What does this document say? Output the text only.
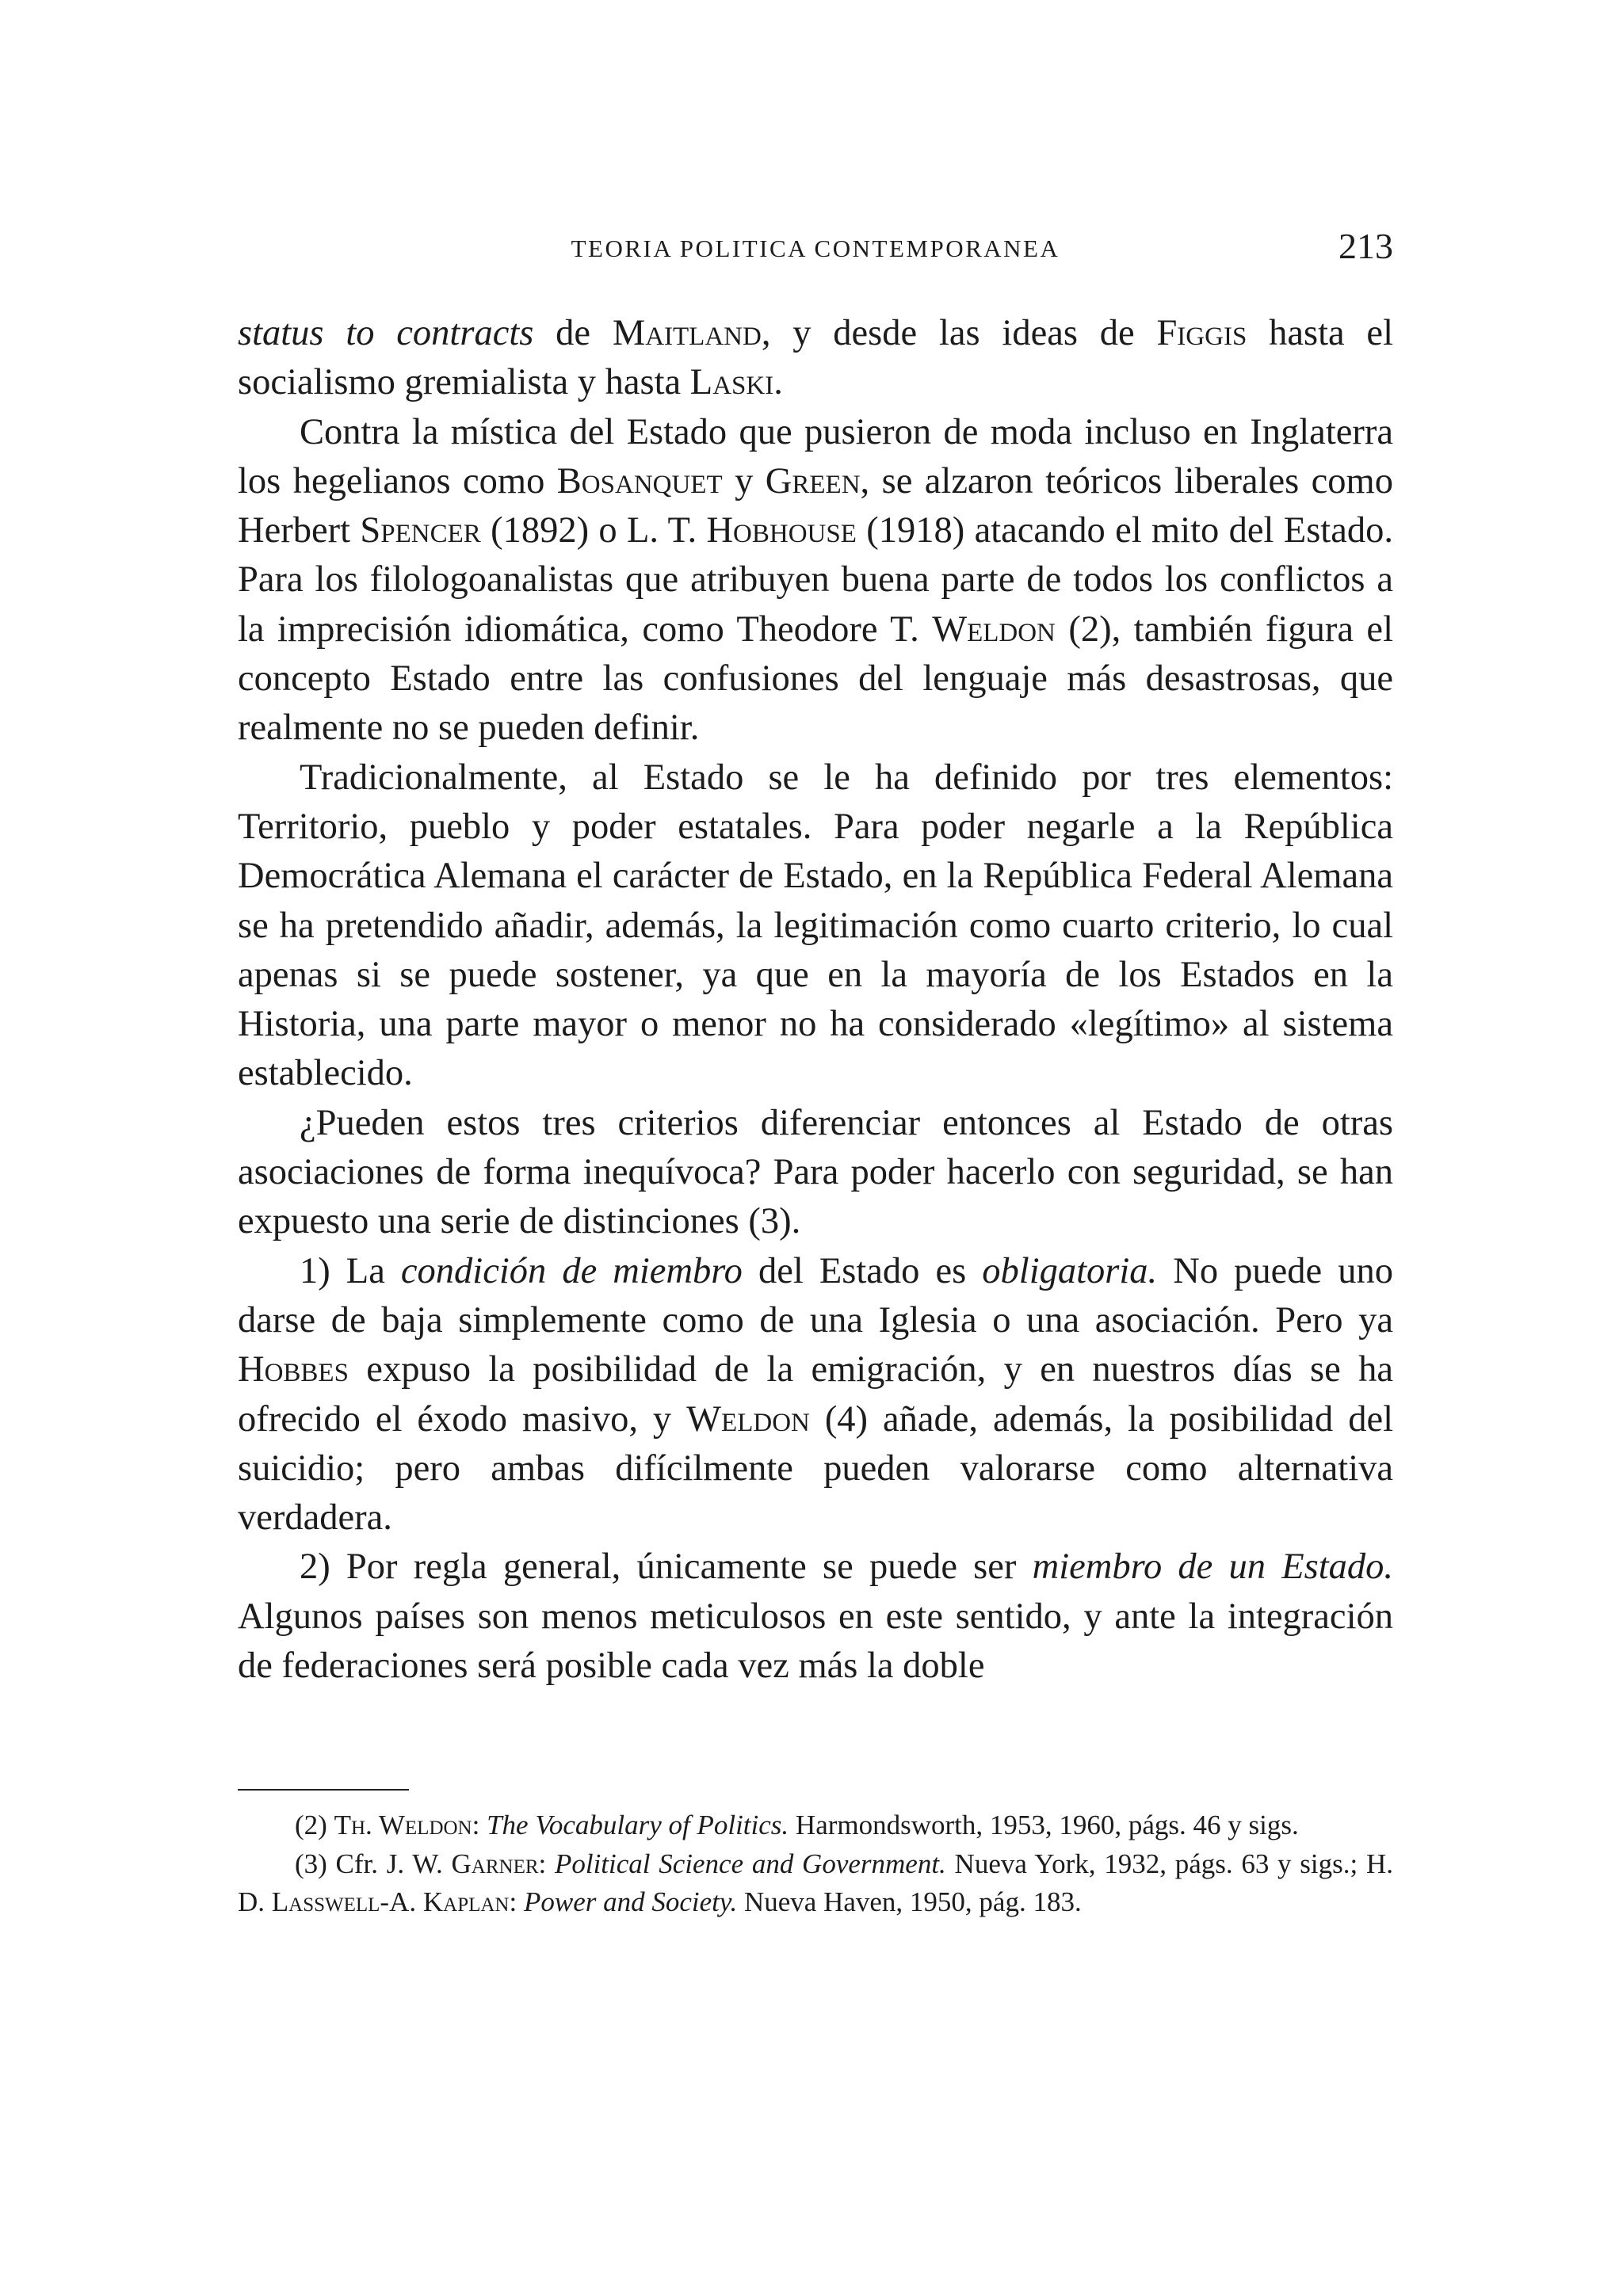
TEORIA POLITICA CONTEMPORANEA	213

status to contracts de Maitland, y desde las ideas de Figgis hasta el socialismo gremialista y hasta Laski.

Contra la mística del Estado que pusieron de moda incluso en Inglaterra los hegelianos como Bosanquet y Green, se alzaron teóricos liberales como Herbert Spencer (1892) o L. T. Hobhouse (1918) atacando el mito del Estado. Para los filologoanalistas que atribuyen buena parte de todos los conflictos a la imprecisión idiomática, como Theodore T. Weldon (2), también figura el concepto Estado entre las confusiones del lenguaje más desastrosas, que realmente no se pueden definir.

Tradicionalmente, al Estado se le ha definido por tres elementos: Territorio, pueblo y poder estatales. Para poder negarle a la República Democrática Alemana el carácter de Estado, en la República Federal Alemana se ha pretendido añadir, además, la legitimación como cuarto criterio, lo cual apenas si se puede sostener, ya que en la mayoría de los Estados en la Historia, una parte mayor o menor no ha considerado «legítimo» al sistema establecido.

¿Pueden estos tres criterios diferenciar entonces al Estado de otras asociaciones de forma inequívoca? Para poder hacerlo con seguridad, se han expuesto una serie de distinciones (3).

1) La condición de miembro del Estado es obligatoria. No puede uno darse de baja simplemente como de una Iglesia o una asociación. Pero ya Hobbes expuso la posibilidad de la emigración, y en nuestros días se ha ofrecido el éxodo masivo, y Weldon (4) añade, además, la posibilidad del suicidio; pero ambas difícilmente pueden valorarse como alternativa verdadera.

2) Por regla general, únicamente se puede ser miembro de un Estado. Algunos países son menos meticulosos en este sentido, y ante la integración de federaciones será posible cada vez más la doble

(2) Th. Weldon: The Vocabulary of Politics. Harmondsworth, 1953, 1960, págs. 46 y sigs.

(3) Cfr. J. W. Garner: Political Science and Government. Nueva York, 1932, págs. 63 y sigs.; H. D. Lasswell-A. Kaplan: Power and Society. Nueva Haven, 1950, pág. 183.
